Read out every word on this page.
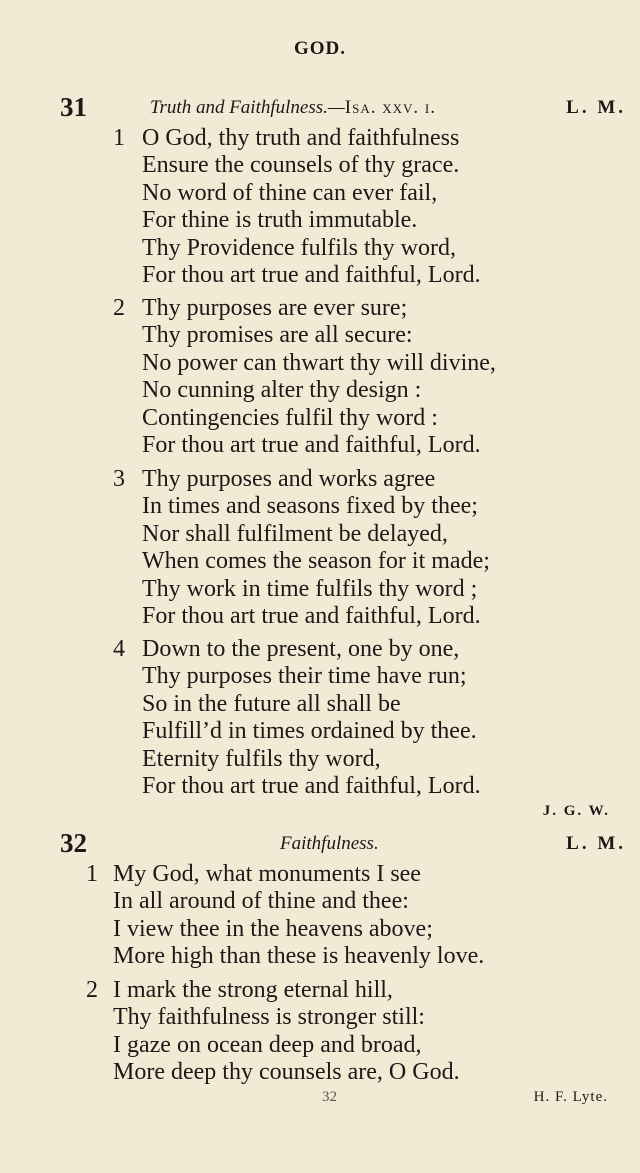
GOD.
31	Truth and Faithfulness.—Isa. xxv. i.	L. M.
1 O God, thy truth and faithfulness
Ensure the counsels of thy grace.
No word of thine can ever fail,
For thine is truth immutable.
Thy Providence fulfils thy word,
For thou art true and faithful, Lord.
2 Thy purposes are ever sure;
Thy promises are all secure:
No power can thwart thy will divine,
No cunning alter thy design :
Contingencies fulfil thy word :
For thou art true and faithful, Lord.
3 Thy purposes and works agree
In times and seasons fixed by thee;
Nor shall fulfilment be delayed,
When comes the season for it made;
Thy work in time fulfils thy word ;
For thou art true and faithful, Lord.
4 Down to the present, one by one,
Thy purposes their time have run;
So in the future all shall be
Fulfill’d in times ordained by thee.
Eternity fulfils thy word,
For thou art true and faithful, Lord.
J. G. W.
32	Faithfulness.	L. M.
1 My God, what monuments I see
In all around of thine and thee:
I view thee in the heavens above;
More high than these is heavenly love.
2 I mark the strong eternal hill,
Thy faithfulness is stronger still:
I gaze on ocean deep and broad,
More deep thy counsels are, O God.
32	H. F. Lyte.
